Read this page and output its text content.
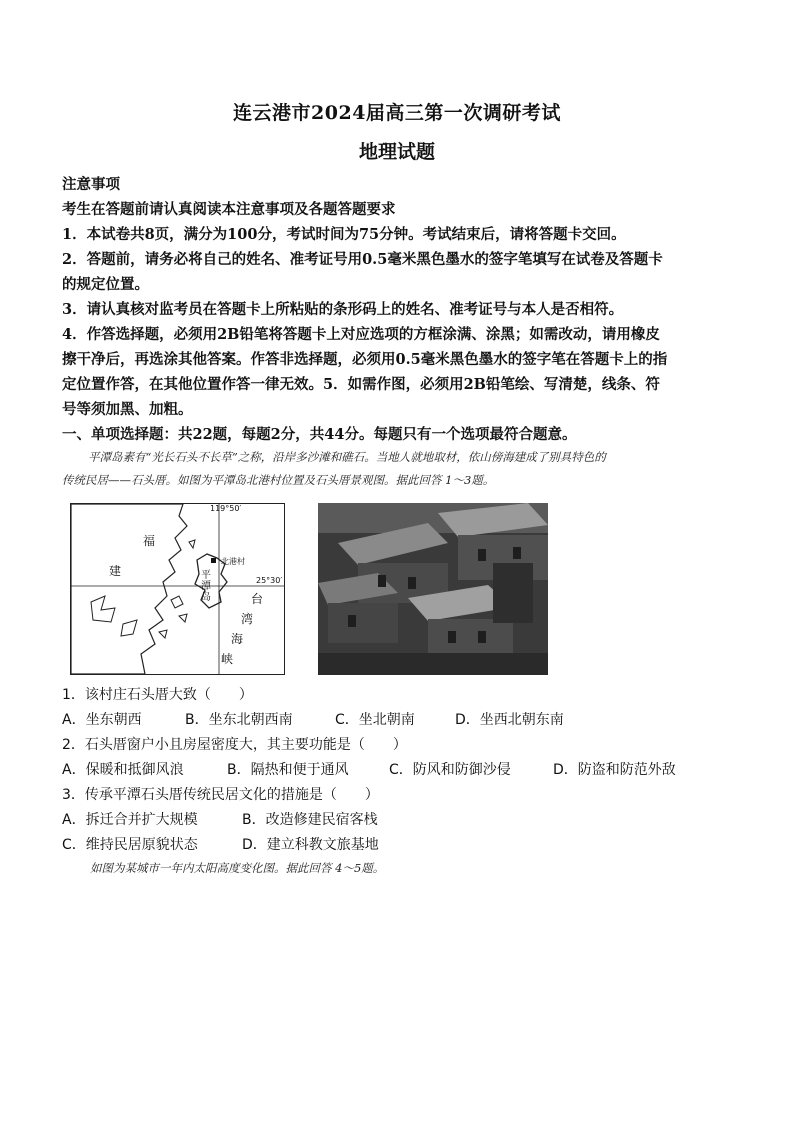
连云港市2024届高三第一次调研考试
地理试题
注意事项
考生在答题前请认真阅读本注意事项及各题答题要求
1．本试卷共8页，满分为100分，考试时间为75分钟。考试结束后，请将答题卡交回。
2．答题前，请务必将自己的姓名、准考证号用0.5毫米黑色墨水的签字笔填写在试卷及答题卡
的规定位置。
3．请认真核对监考员在答题卡上所粘贴的条形码上的姓名、准考证号与本人是否相符。
4．作答选择题，必须用2B铅笔将答题卡上对应选项的方框涂满、涂黑；如需改动，请用橡皮
擦干净后，再选涂其他答案。作答非选择题，必须用0.5毫米黑色墨水的签字笔在答题卡上的指
定位置作答，在其他位置作答一律无效。5．如需作图，必须用2B铅笔绘、写清楚，线条、符
号等须加黑、加粗。
一、单项选择题：共22题，每题2分，共44分。每题只有一个选项最符合题意。
平潭岛素有“光长石头不长草”之称，沿岸多沙滩和礁石。当地人就地取材，依山傍海建成了别具特色的
传统民居——石头厝。如图为平潭岛北港村位置及石头厝景观图。据此回答 1～3题。
119°50′
25°30′
福
建
北港村
平
潭
岛	台
湾
海
峡
1．该村庄石头厝大致（　　）
A．坐东朝西	B．坐东北朝西南	C．坐北朝南	D．坐西北朝东南
2．石头厝窗户小且房屋密度大，其主要功能是（　　）
A．保暖和抵御风浪	B．隔热和便于通风	C．防风和防御沙侵	D．防盗和防范外敌
3．传承平潭石头厝传统民居文化的措施是（　　）
A．拆迁合并扩大规模	B．改造修建民宿客栈
C．维持民居原貌状态	D．建立科教文旅基地
如图为某城市一年内太阳高度变化图。据此回答 4～5题。
